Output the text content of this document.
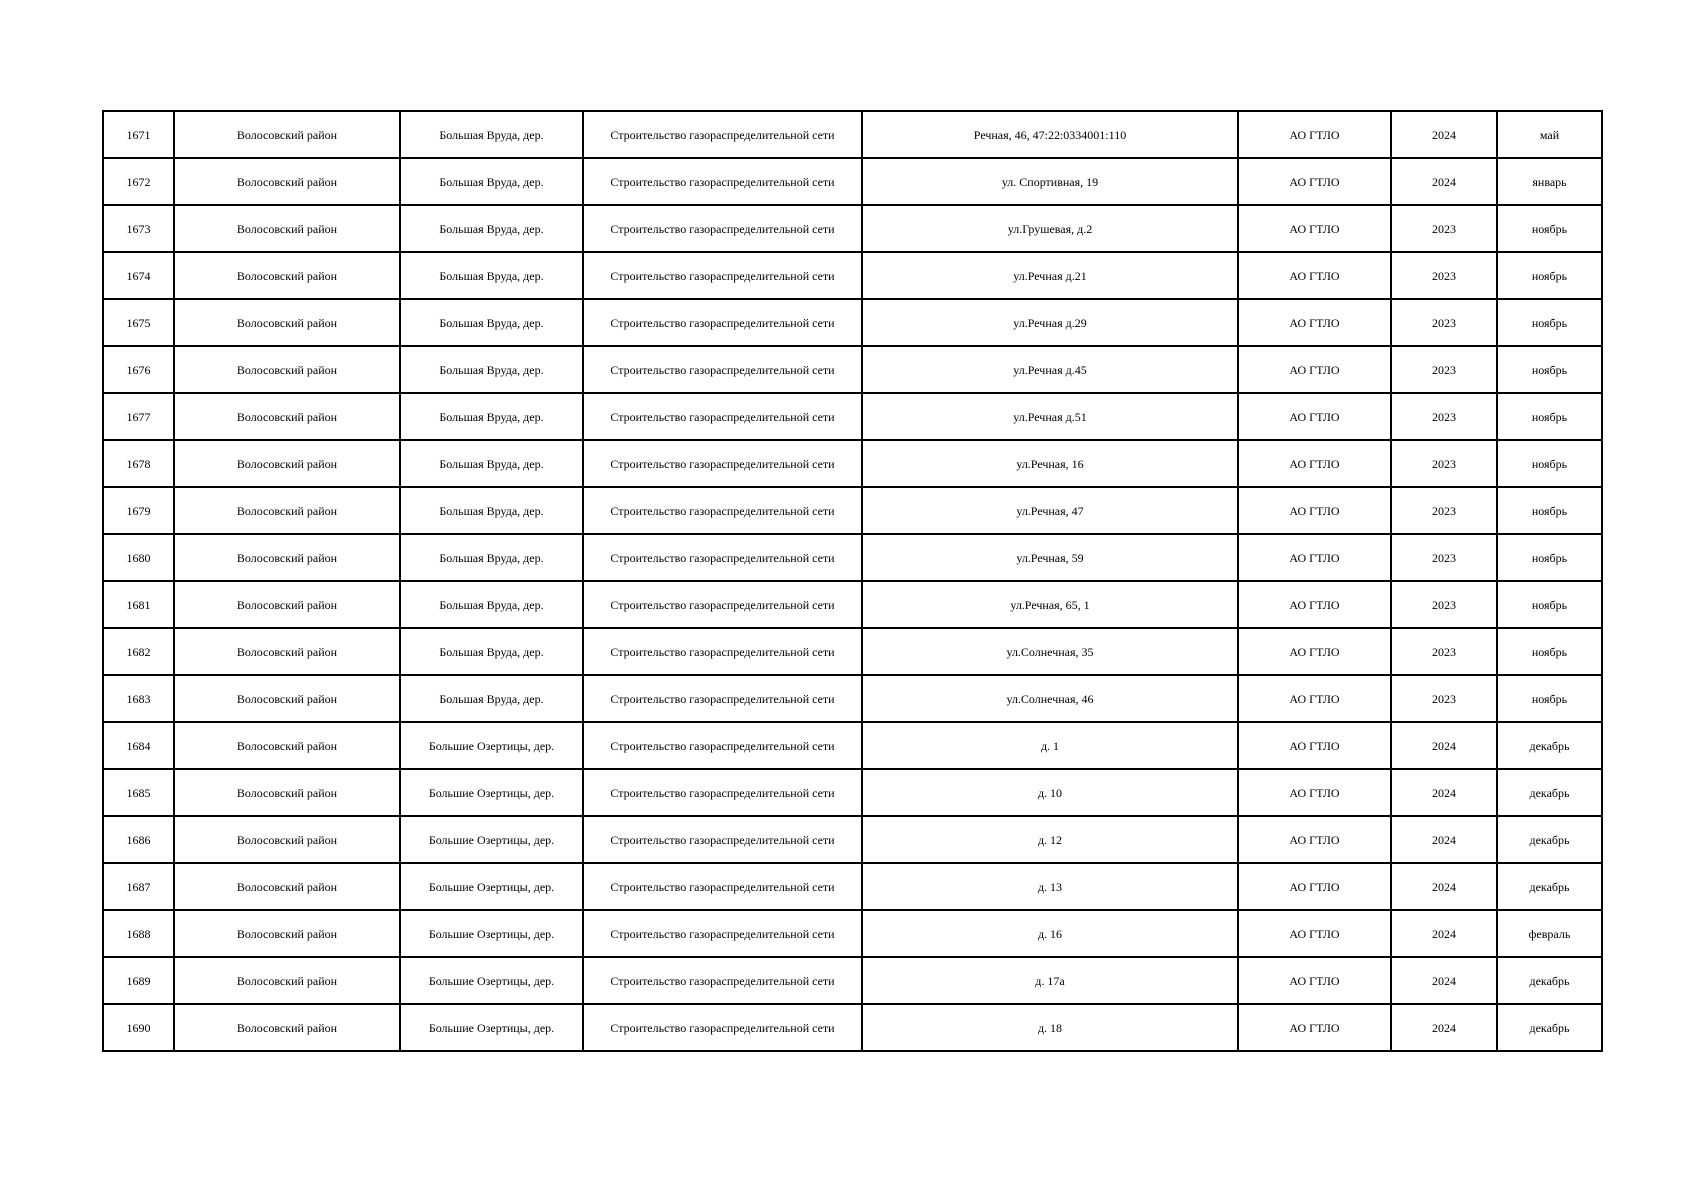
1671	Волосовский район	Большая Вруда, дер.	Строительство газораспределительной сети	Речная, 46, 47:22:0334001:110	АО ГТЛО	2024	май
1672	Волосовский район	Большая Вруда, дер.	Строительство газораспределительной сети	ул. Спортивная, 19	АО ГТЛО	2024	январь
1673	Волосовский район	Большая Вруда, дер.	Строительство газораспределительной сети	ул.Грушевая, д.2	АО ГТЛО	2023	ноябрь
1674	Волосовский район	Большая Вруда, дер.	Строительство газораспределительной сети	ул.Речная д.21	АО ГТЛО	2023	ноябрь
1675	Волосовский район	Большая Вруда, дер.	Строительство газораспределительной сети	ул.Речная д.29	АО ГТЛО	2023	ноябрь
1676	Волосовский район	Большая Вруда, дер.	Строительство газораспределительной сети	ул.Речная д.45	АО ГТЛО	2023	ноябрь
1677	Волосовский район	Большая Вруда, дер.	Строительство газораспределительной сети	ул.Речная д.51	АО ГТЛО	2023	ноябрь
1678	Волосовский район	Большая Вруда, дер.	Строительство газораспределительной сети	ул.Речная, 16	АО ГТЛО	2023	ноябрь
1679	Волосовский район	Большая Вруда, дер.	Строительство газораспределительной сети	ул.Речная, 47	АО ГТЛО	2023	ноябрь
1680	Волосовский район	Большая Вруда, дер.	Строительство газораспределительной сети	ул.Речная, 59	АО ГТЛО	2023	ноябрь
1681	Волосовский район	Большая Вруда, дер.	Строительство газораспределительной сети	ул.Речная, 65, 1	АО ГТЛО	2023	ноябрь
1682	Волосовский район	Большая Вруда, дер.	Строительство газораспределительной сети	ул.Солнечная, 35	АО ГТЛО	2023	ноябрь
1683	Волосовский район	Большая Вруда, дер.	Строительство газораспределительной сети	ул.Солнечная, 46	АО ГТЛО	2023	ноябрь
1684	Волосовский район	Большие Озертицы, дер.	Строительство газораспределительной сети	д. 1	АО ГТЛО	2024	декабрь
1685	Волосовский район	Большие Озертицы, дер.	Строительство газораспределительной сети	д. 10	АО ГТЛО	2024	декабрь
1686	Волосовский район	Большие Озертицы, дер.	Строительство газораспределительной сети	д. 12	АО ГТЛО	2024	декабрь
1687	Волосовский район	Большие Озертицы, дер.	Строительство газораспределительной сети	д. 13	АО ГТЛО	2024	декабрь
1688	Волосовский район	Большие Озертицы, дер.	Строительство газораспределительной сети	д. 16	АО ГТЛО	2024	февраль
1689	Волосовский район	Большие Озертицы, дер.	Строительство газораспределительной сети	д. 17а	АО ГТЛО	2024	декабрь
1690	Волосовский район	Большие Озертицы, дер.	Строительство газораспределительной сети	д. 18	АО ГТЛО	2024	декабрь
